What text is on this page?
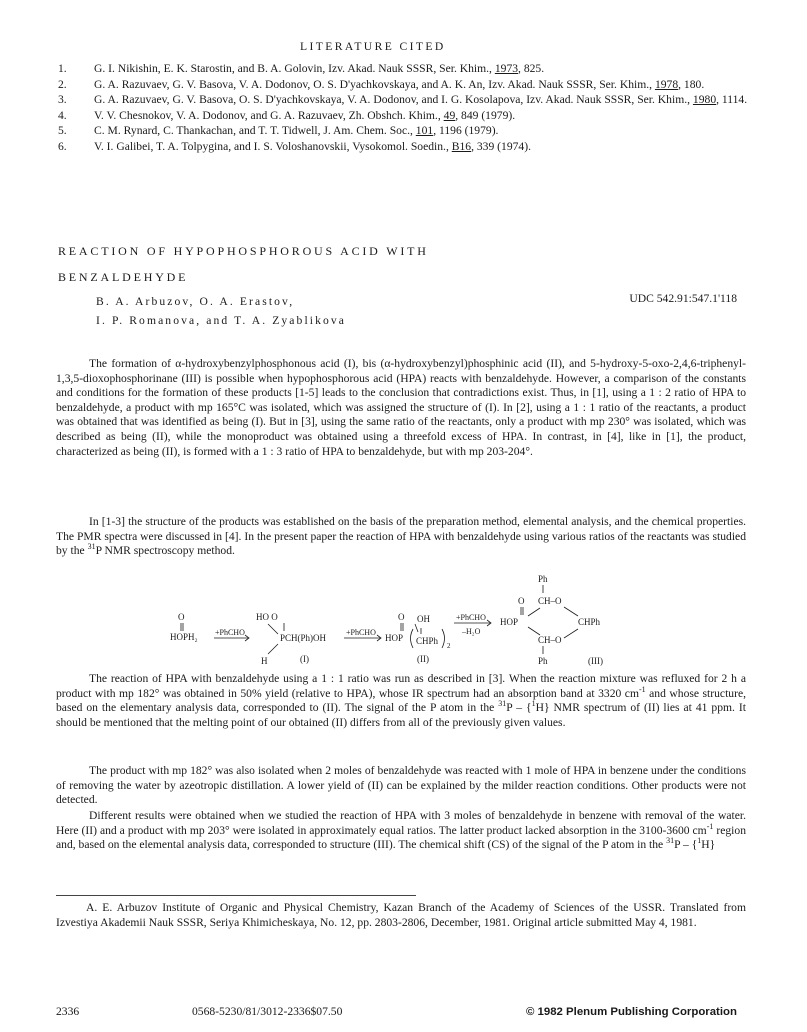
LITERATURE CITED
1. G. I. Nikishin, E. K. Starostin, and B. A. Golovin, Izv. Akad. Nauk SSSR, Ser. Khim., 1973, 825.
2. G. A. Razuvaev, G. V. Basova, V. A. Dodonov, O. S. D'yachkovskaya, and A. K. An, Izv. Akad. Nauk SSSR, Ser. Khim., 1978, 180.
3. G. A. Razuvaev, G. V. Basova, O. S. D'yachkovskaya, V. A. Dodonov, and I. G. Kosolapova, Izv. Akad. Nauk SSSR, Ser. Khim., 1980, 1114.
4. V. V. Chesnokov, V. A. Dodonov, and G. A. Razuvaev, Zh. Obshch. Khim., 49, 849 (1979).
5. C. M. Rynard, C. Thankachan, and T. T. Tidwell, J. Am. Chem. Soc., 101, 1196 (1979).
6. V. I. Galibei, T. A. Tolpygina, and I. S. Voloshanovskii, Vysokomol. Soedin., B16, 339 (1974).
REACTION OF HYPOPHOSPHOROUS ACID WITH
BENZALDEHYDE
B. A. Arbuzov, O. A. Erastov,
I. P. Romanova, and T. A. Zyablikova
UDC 542.91:547.1'118

The formation of α-hydroxybenzylphosphonous acid (I), bis (α-hydroxybenzyl)phosphinic acid (II), and 5-hydroxy-5-oxo-2,4,6-triphenyl-1,3,5-dioxophosphorinane (III) is possible when hypophosphorous acid (HPA) reacts with benzaldehyde. However, a comparison of the constants and conditions for the formation of these products [1-5] leads to the conclusion that contradictions exist. Thus, in [1], using a 1 : 2 ratio of HPA to benzaldehyde, a product with mp 165°C was isolated, which was assigned the structure of (I). In [2], using a 1 : 1 ratio of the reactants, a product was obtained that was identified as being (I). But in [3], using the same ratio of the reactants, only a product with mp 230° was isolated, which was described as being (II), while the monoproduct was obtained using a threefold excess of HPA. In contrast, in [4], like in [1], the product, characterized as being (II), is formed with a 1 : 3 ratio of HPA to benzaldehyde, but with mp 203-204°.

In [1-3] the structure of the products was established on the basis of the preparation method, elemental analysis, and the chemical properties. The PMR spectra were discussed in [4]. In the present paper the reaction of HPA with benzaldehyde using various ratios of the reactants was studied by the $^{31}$P NMR spectroscopy method.

O
HOPH₂ +PhCHO
HO O
PCH(Ph)OH
H	(I)
+PhCHO
O
HOP
OH
CHPh 2
(II)
+PhCHO
–H₂O
Ph
O CH–O
HOP	CHPh
CH–O
Ph	(III)

The reaction of HPA with benzaldehyde using a 1 : 1 ratio was run as described in [3]. When the reaction mixture was refluxed for 2 h a product with mp 182° was obtained in 50% yield (relative to HPA), whose IR spectrum had an absorption band at 3320 $cm^{-1}$ and whose structure, based on the elementary analysis data, corresponded to (II). The signal of the P atom in the $^{31}$P – {$^1$H} NMR spectrum of (II) lies at 41 ppm. It should be mentioned that the melting point of our obtained (II) differs from all of the previously given values.

The product with mp 182° was also isolated when 2 moles of benzaldehyde was reacted with 1 mole of HPA in benzene under the conditions of removing the water by azeotropic distillation. A lower yield of (II) can be explained by the milder reaction conditions. Other products were not detected.

Different results were obtained when we studied the reaction of HPA with 3 moles of benzaldehyde in benzene with removal of the water. Here (II) and a product with mp 203° were isolated in approximately equal ratios. The latter product lacked absorption in the 3100-3600 $cm^{-1}$ region and, based on the elemental analysis data, corresponded to structure (III). The chemical shift (CS) of the signal of the P atom in the $^{31}$P – {$^1$H}

A. E. Arbuzov Institute of Organic and Physical Chemistry, Kazan Branch of the Academy of Sciences of the USSR. Translated from Izvestiya Akademii Nauk SSSR, Seriya Khimicheskaya, No. 12, pp. 2803-2806, December, 1981. Original article submitted May 4, 1981.
2336	0568-5230/81/3012-2336$07.50	© 1982 Plenum Publishing Corporation
